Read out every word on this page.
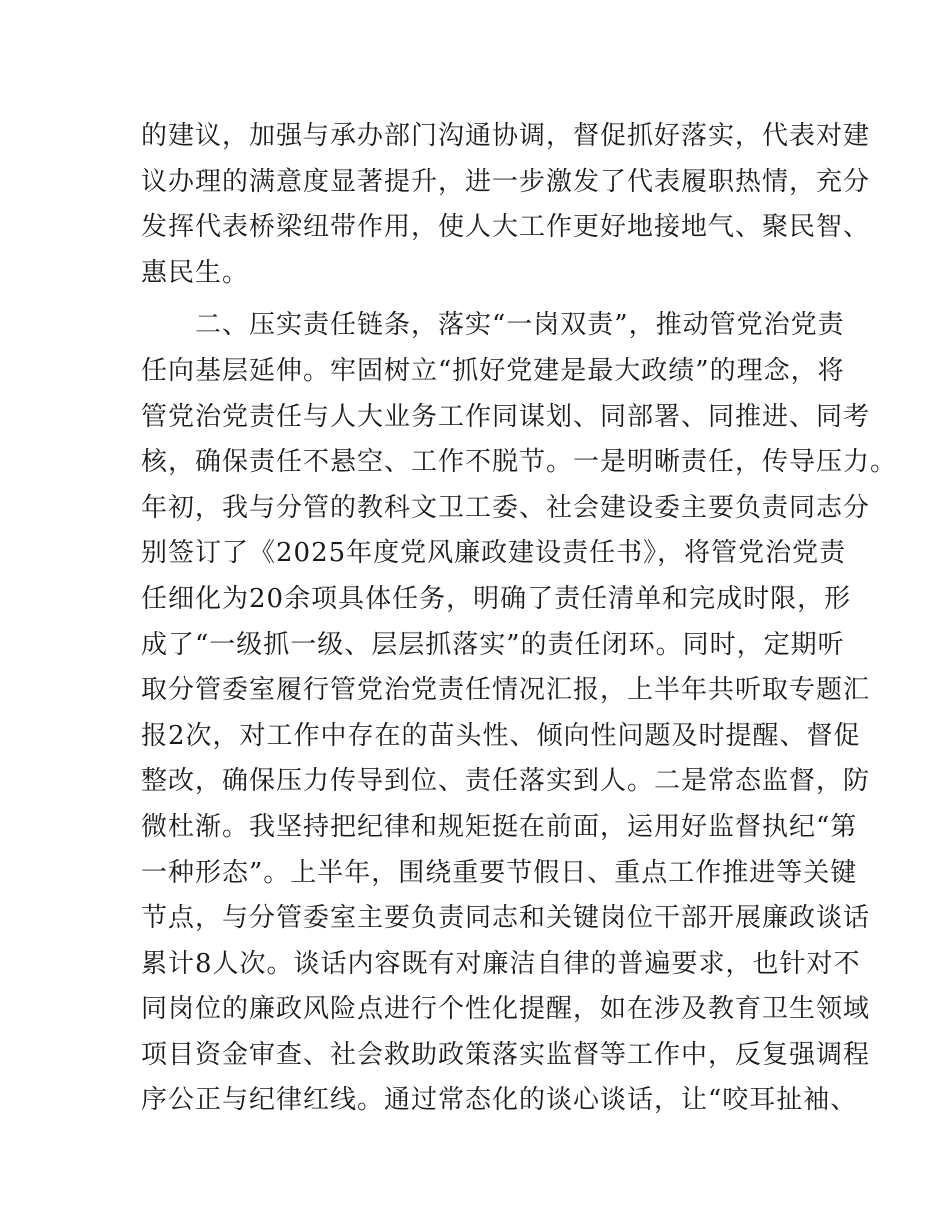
的建议，加强与承办部门沟通协调，督促抓好落实，代表对建
议办理的满意度显著提升，进一步激发了代表履职热情，充分
发挥代表桥梁纽带作用，使人大工作更好地接地气、聚民智、
惠民生。
　　二、压实责任链条，落实“一岗双责”，推动管党治党责
任向基层延伸。牢固树立“抓好党建是最大政绩”的理念，将
管党治党责任与人大业务工作同谋划、同部署、同推进、同考
核，确保责任不悬空、工作不脱节。一是明晰责任，传导压力。
年初，我与分管的教科文卫工委、社会建设委主要负责同志分
别签订了《2025年度党风廉政建设责任书》，将管党治党责
任细化为20余项具体任务，明确了责任清单和完成时限，形
成了“一级抓一级、层层抓落实”的责任闭环。同时，定期听
取分管委室履行管党治党责任情况汇报，上半年共听取专题汇
报2次，对工作中存在的苗头性、倾向性问题及时提醒、督促
整改，确保压力传导到位、责任落实到人。二是常态监督，防
微杜渐。我坚持把纪律和规矩挺在前面，运用好监督执纪“第
一种形态”。上半年，围绕重要节假日、重点工作推进等关键
节点，与分管委室主要负责同志和关键岗位干部开展廉政谈话
累计8人次。谈话内容既有对廉洁自律的普遍要求，也针对不
同岗位的廉政风险点进行个性化提醒，如在涉及教育卫生领域
项目资金审查、社会救助政策落实监督等工作中，反复强调程
序公正与纪律红线。通过常态化的谈心谈话，让“咬耳扯袖、
